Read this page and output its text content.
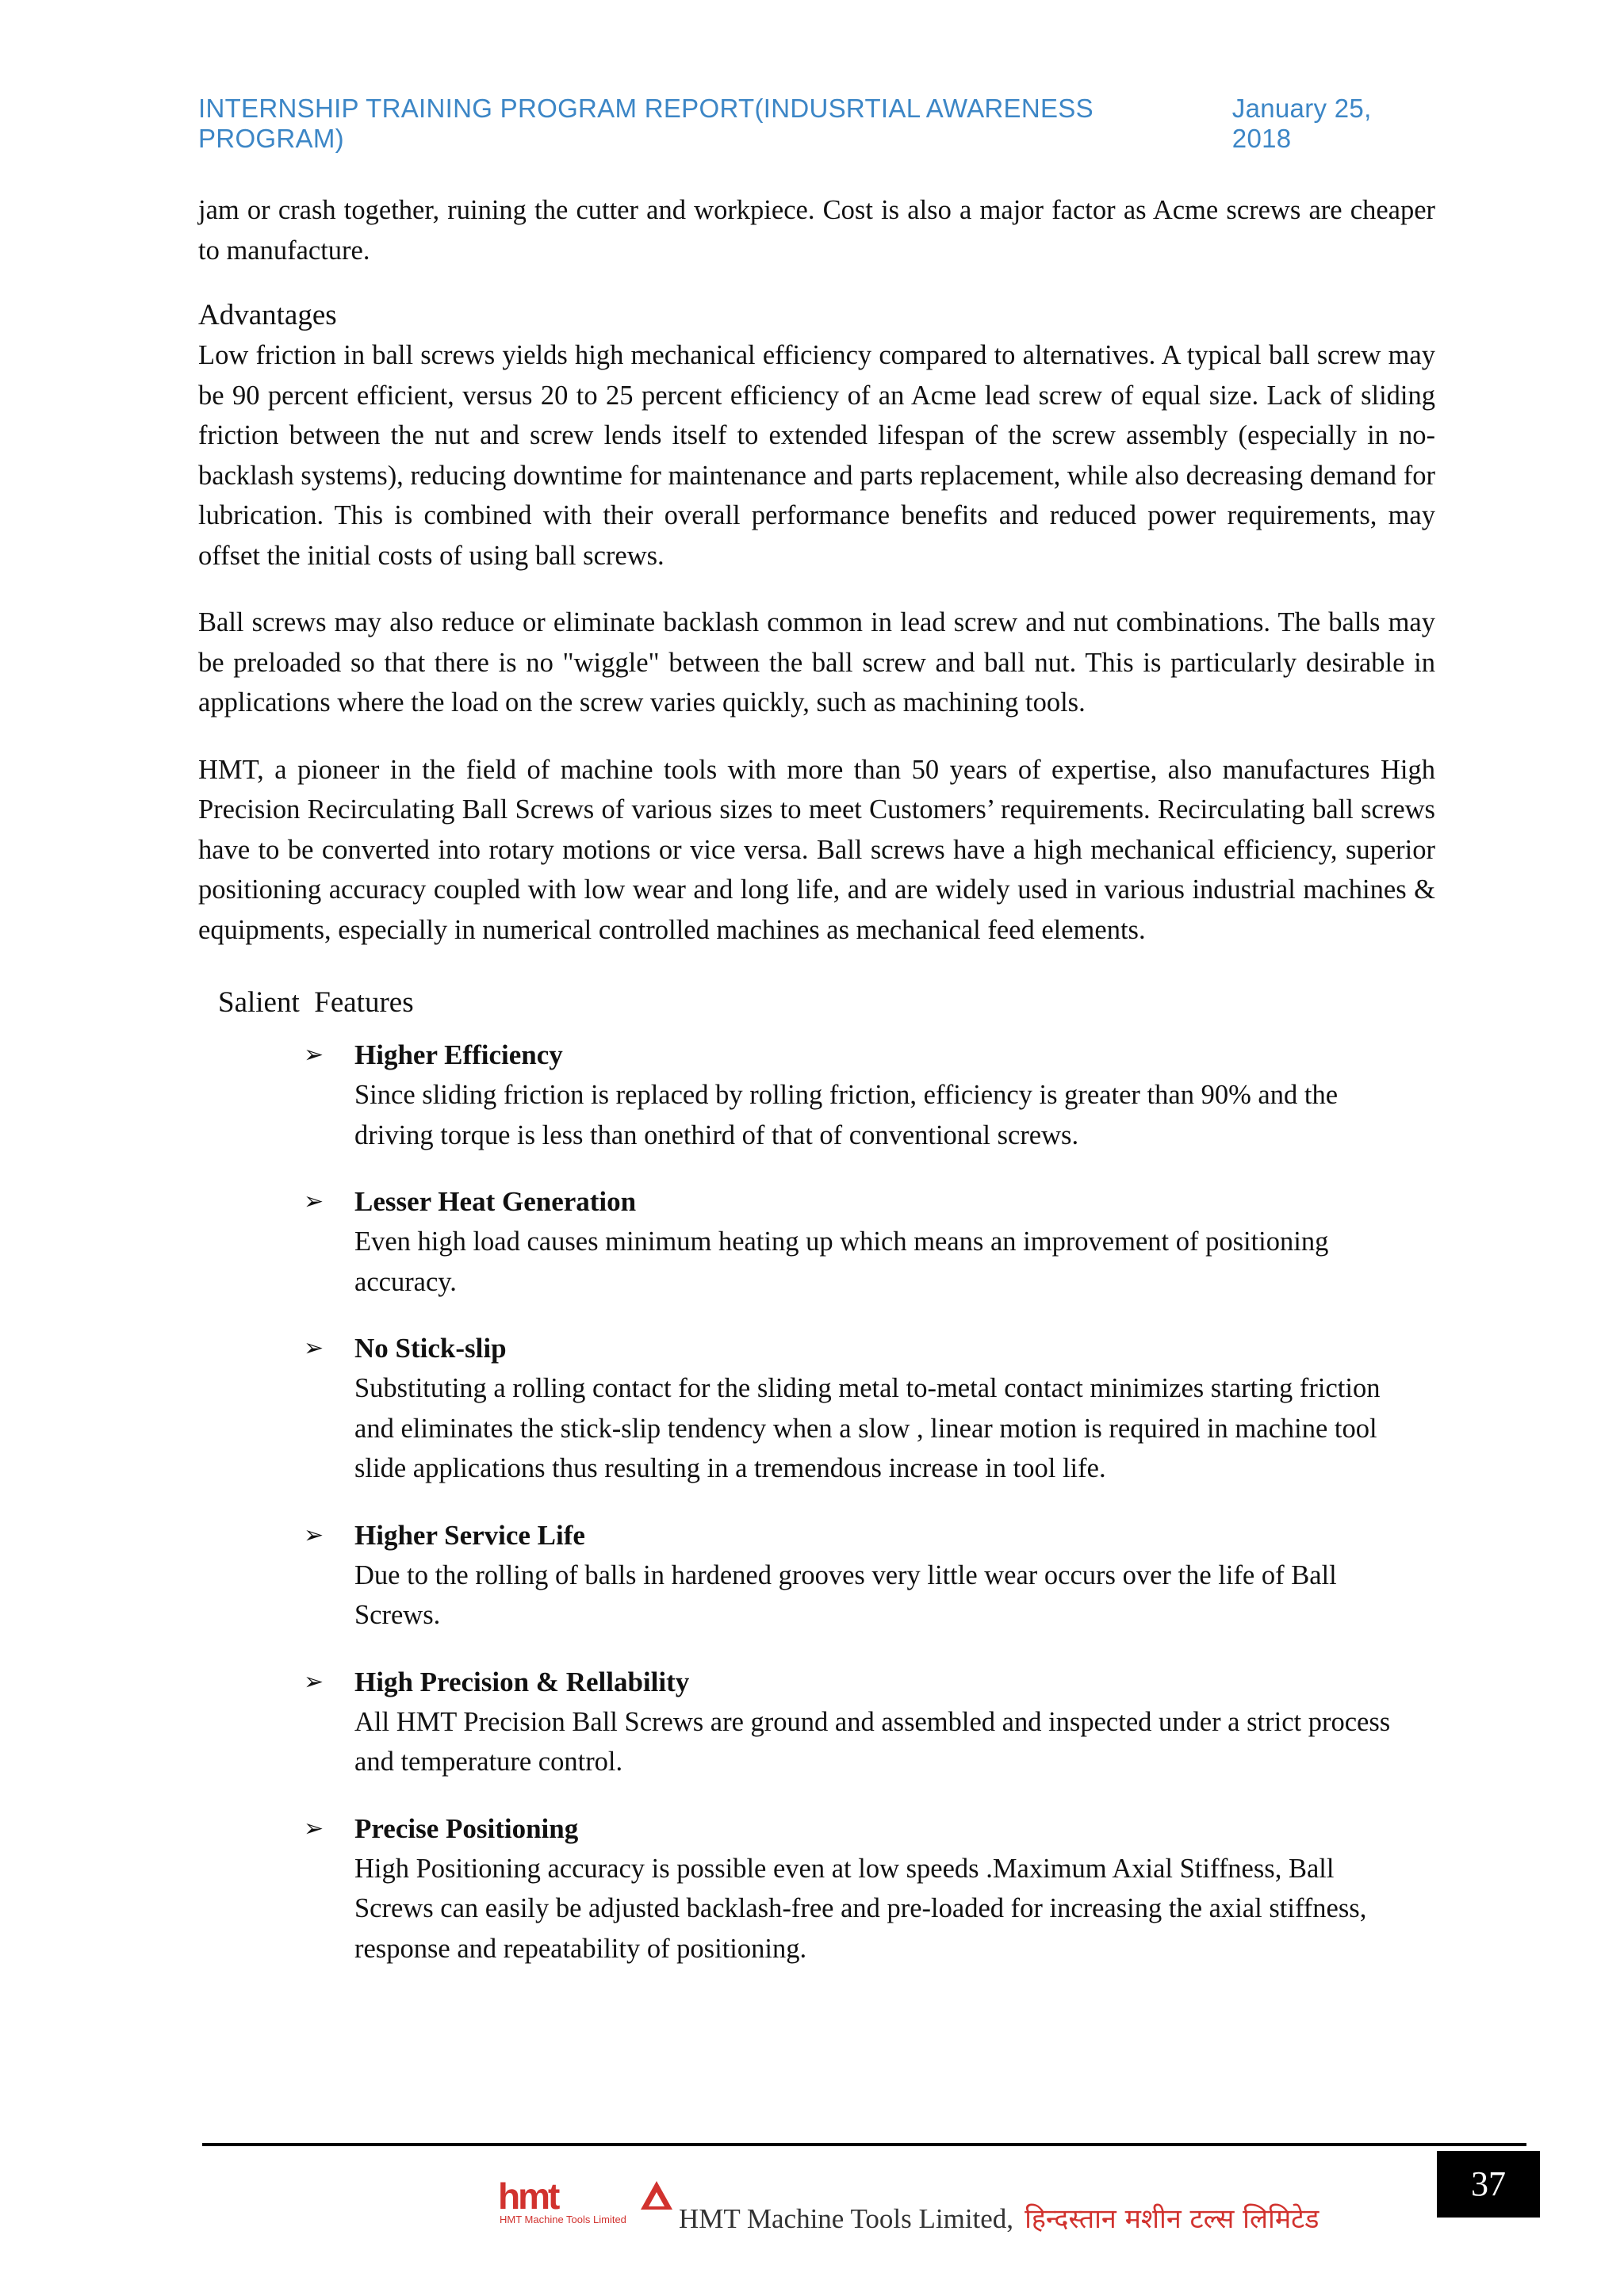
INTERNSHIP TRAINING PROGRAM REPORT(INDUSRTIAL AWARENESS PROGRAM)
January 25, 2018

jam or crash together, ruining the cutter and workpiece. Cost is also a major factor as Acme screws are cheaper to manufacture.

Advantages

Low friction in ball screws yields high mechanical efficiency compared to alternatives. A typical ball screw may be 90 percent efficient, versus 20 to 25 percent efficiency of an Acme lead screw of equal size. Lack of sliding friction between the nut and screw lends itself to extended lifespan of the screw assembly (especially in no-backlash systems), reducing downtime for maintenance and parts replacement, while also decreasing demand for lubrication. This is combined with their overall performance benefits and reduced power requirements, may offset the initial costs of using ball screws.

Ball screws may also reduce or eliminate backlash common in lead screw and nut combinations. The balls may be preloaded so that there is no "wiggle" between the ball screw and ball nut. This is particularly desirable in applications where the load on the screw varies quickly, such as machining tools.

HMT, a pioneer in the field of machine tools with more than 50 years of expertise, also manufactures High Precision Recirculating Ball Screws of various sizes to meet Customers’ requirements. Recirculating ball screws have to be converted into rotary motions or vice versa. Ball screws have a high mechanical efficiency, superior positioning accuracy coupled with low wear and long life, and are widely used in various industrial machines & equipments, especially in numerical controlled machines as mechanical feed elements.

Salient  Features
➢ Higher Efficiency
Since sliding friction is replaced by rolling friction, efficiency is greater than 90% and the driving torque is less than onethird of that of conventional screws.
➢ Lesser Heat Generation
Even high load causes minimum heating up which means an improvement of positioning accuracy.
➢ No Stick-slip
Substituting a rolling contact for the sliding metal to-metal contact minimizes starting friction and eliminates the stick-slip tendency when a slow , linear motion is required in machine tool slide applications thus resulting in a tremendous increase in tool life.
➢ Higher Service Life
Due to the rolling of balls in hardened grooves very little wear occurs over the life of Ball Screws.
➢ High Precision & Rellability
All HMT Precision Ball Screws are ground and assembled and inspected under a strict process and temperature control.
➢ Precise Positioning
High Positioning accuracy is possible even at low speeds .Maximum Axial Stiffness, Ball Screws can easily be adjusted backlash-free and pre-loaded for increasing the axial stiffness, response and repeatability of positioning.
hmt
HMT Machine Tools Limited HMT Machine Tools Limited, हिन्दस्तान मशीन टल्स लिमिटेड
37
